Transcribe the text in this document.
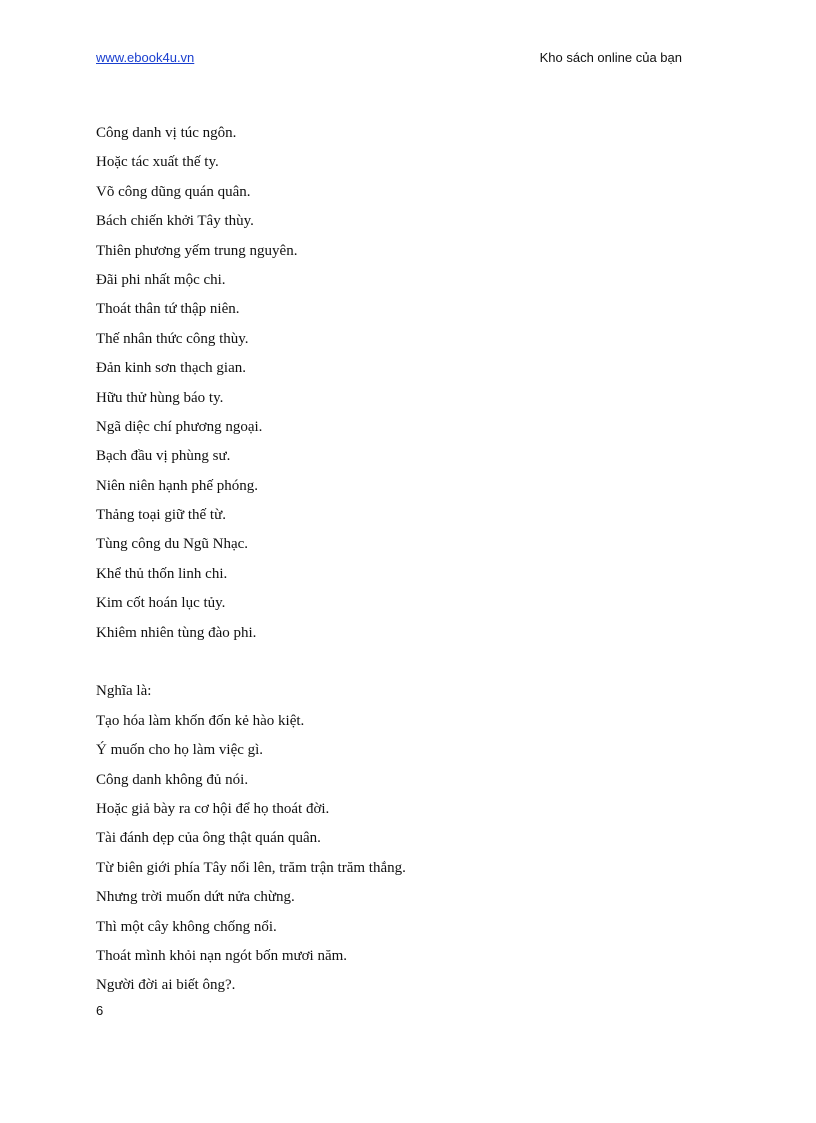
www.ebook4u.vn	Kho sách online của bạn
Công danh vị túc ngôn.
Hoặc tác xuất thế ty.
Võ công dũng quán quân.
Bách chiến khởi Tây thùy.
Thiên phương yếm trung nguyên.
Đãi phi nhất mộc chi.
Thoát thân tứ thập niên.
Thế nhân thức công thùy.
Đản kinh sơn thạch gian.
Hữu thử hùng báo ty.
Ngã diệc chí phương ngoại.
Bạch đầu vị phùng sư.
Niên niên hạnh phế phóng.
Thảng toại giữ thế từ.
Tùng công du Ngũ Nhạc.
Khể thủ thốn linh chi.
Kim cốt hoán lục tủy.
Khiêm nhiên tùng đào phi.
Nghĩa là:
Tạo hóa làm khốn đốn kẻ hào kiệt.
Ý muốn cho họ làm việc gì.
Công danh không đủ nói.
Hoặc giả bày ra cơ hội để họ thoát đời.
Tài đánh dẹp của ông thật quán quân.
Từ biên giới phía Tây nổi lên, trăm trận trăm thắng.
Nhưng trời muốn dứt nửa chừng.
Thì một cây không chống nổi.
Thoát mình khỏi nạn ngót bốn mươi năm.
Người đời ai biết ông?.
6
